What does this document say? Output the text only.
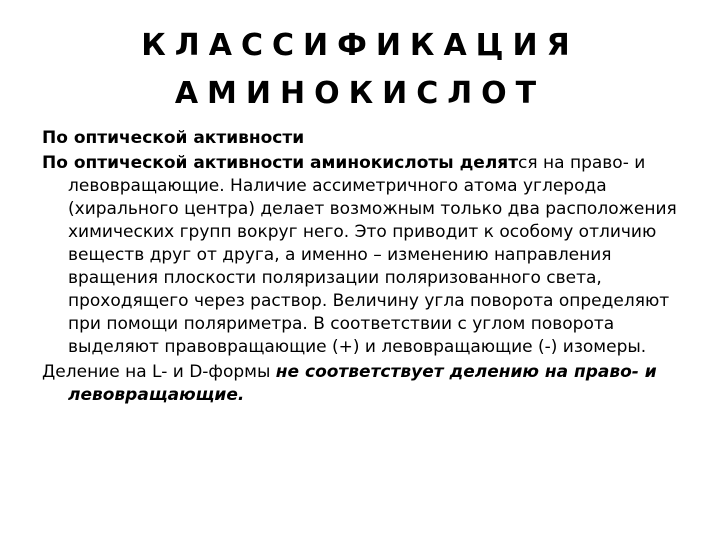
КЛАССИФИКАЦИЯ
АМИНОКИСЛОТ

По оптической активности

По оптической активности аминокислоты делятся на право- и левовращающие. Наличие ассиметричного атома углерода (хирального центра) делает возможным только два расположения химических групп вокруг него. Это приводит к особому отличию веществ друг от друга, а именно – изменению направления вращения плоскости поляризации поляризованного света, проходящего через раствор. Величину угла поворота определяют при помощи поляриметра. В соответствии с углом поворота выделяют правовращающие (+) и левовращающие (-) изомеры.

Деление на L- и D-формы не соответствует делению на право- и левовращающие.
